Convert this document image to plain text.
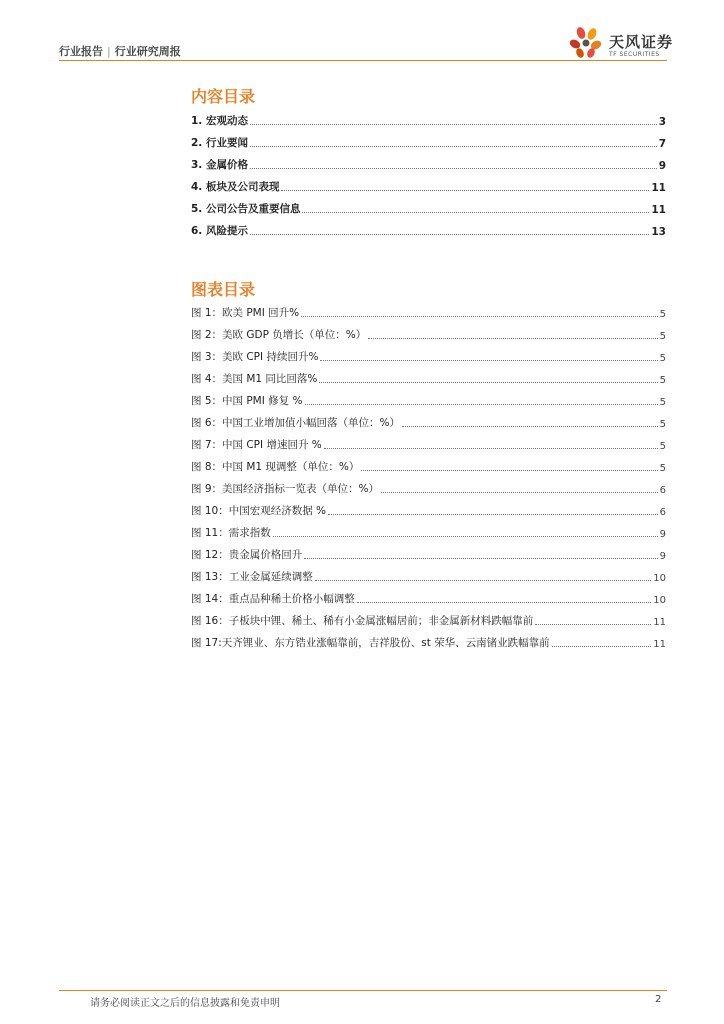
行业报告 | 行业研究周报
天风证券
TF SECURITIES
内容目录
1. 宏观动态	3
2. 行业要闻	7
3. 金属价格	9
4. 板块及公司表现	11
5. 公司公告及重要信息	11
6. 风险提示	13
图表目录
图 1：欧美 PMI 回升%	5
图 2：美欧 GDP 负增长（单位：%）	5
图 3：美欧 CPI 持续回升%	5
图 4：美国 M1 同比回落%	5
图 5：中国 PMI 修复 %	5
图 6：中国工业增加值小幅回落（单位：%）	5
图 7：中国 CPI 增速回升 %	5
图 8：中国 M1 现调整（单位：%）	5
图 9：美国经济指标一览表（单位：%）	6
图 10：中国宏观经济数据 %	6
图 11：需求指数	9
图 12：贵金属价格回升	9
图 13：工业金属延续调整	10
图 14：重点品种稀土价格小幅调整	10
图 16：子板块中锂、稀土、稀有小金属涨幅居前；非金属新材料跌幅靠前	11
图 17:天齐锂业、东方锆业涨幅靠前，吉祥股份、st 荣华、云南锗业跌幅靠前	11
请务必阅读正文之后的信息披露和免责申明	2
